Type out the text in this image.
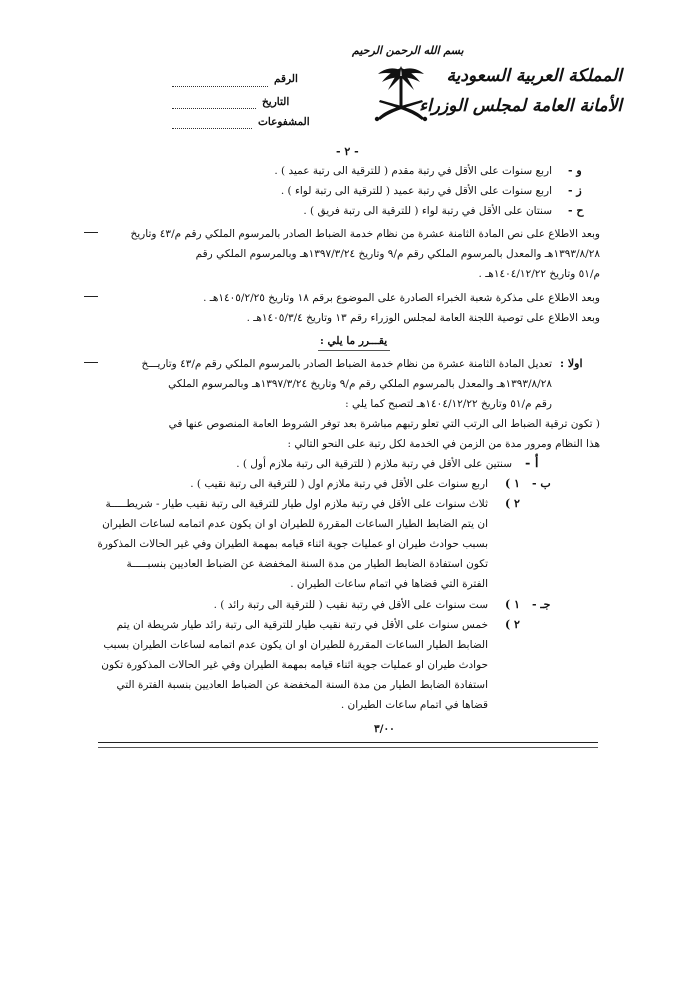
بسم الله الرحمن الرحيم
المملكة العربية السعودية
الأمانة العامة لمجلس الوزراء
الرقم
التاريخ
المشفوعات
- ٢ -
و -
اربع سنوات على الأقل في رتبة مقدم ( للترقية الى رتبة عميد ) .
ز -
اربع سنوات على الأقل في رتبة عميد ( للترقية الى رتبة لواء ) .
ح -
سنتان على الأقل في رتبة لواء ( للترقية الى رتبة فريق ) .
وبعد الاطلاع على نص المادة الثامنة عشرة من نظام خدمة الضباط الصادر بالمرسوم الملكي رقم م/٤٣ وتاريخ
١٣٩٣/٨/٢٨هـ والمعدل بالمرسوم الملكي رقم م/٩ وتاريخ ١٣٩٧/٣/٢٤هـ وبالمرسوم الملكي رقم
م/٥١ وتاريخ ١٤٠٤/١٢/٢٢هـ .
وبعد الاطلاع على مذكرة شعبة الخبراء الصادرة على الموضوع برقم ١٨ وتاريخ ١٤٠٥/٢/٢٥هـ .
وبعد الاطلاع على توصية اللجنة العامة لمجلس الوزراء رقم ١٣ وتاريخ ١٤٠٥/٣/٤هـ .
يقـــرر ما يلي :
اولا :
تعديل المادة الثامنة عشرة من نظام خدمة الضباط الصادر بالمرسوم الملكي رقم م/٤٣ وتاريـــخ
١٣٩٣/٨/٢٨هـ والمعدل بالمرسوم الملكي رقم م/٩ وتاريخ ١٣٩٧/٣/٢٤هـ وبالمرسوم الملكي
رقم م/٥١ وتاريخ ١٤٠٤/١٢/٢٢هـ لتصبح كما يلي :
( تكون ترقية الضباط الى الرتب التي تعلو رتبهم مباشرة بعد توفر الشروط العامة المنصوص عنها في
هذا النظام ومرور مدة من الزمن في الخدمة لكل رتبة على النحو التالي :
أ -
سنتين على الأقل في رتبة ملازم ( للترقية الى رتبة ملازم أول ) .
ب -
١ )
اربع سنوات على الأقل في رتبة ملازم اول ( للترقية الى رتبة نقيب ) .
٢ )
ثلاث سنوات على الأقل في رتبة ملازم اول طيار للترقية الى رتبة نقيب طيار - شريطـــــة
ان يتم الضابط الطيار الساعات المقررة للطيران او ان يكون عدم اتمامه لساعات الطيران
بسبب حوادث طيران او عمليات جوية اثناء قيامه بمهمة الطيران وفي غير الحالات المذكورة
تكون استفادة الضابط الطيار من مدة السنة المخفضة عن الضباط العاديين بنسبـــــة
الفترة التي قضاها في اتمام ساعات الطيران .
جـ -
١ )
ست سنوات على الأقل في رتبة نقيب ( للترقية الى رتبة رائد ) .
٢ )
خمس سنوات على الأقل في رتبة نقيب طيار للترقية الى رتبة رائد طيار شريطة ان يتم
الضابط الطيار الساعات المقررة للطيران او ان يكون عدم اتمامه لساعات الطيران بسبب
حوادث طيران او عمليات جوية اثناء قيامه بمهمة الطيران وفي غير الحالات المذكورة تكون
استفادة الضابط الطيار من مدة السنة المخفضة عن الضباط العاديين بنسبة الفترة التي
قضاها في اتمام ساعات الطيران .
٣/٠٠
